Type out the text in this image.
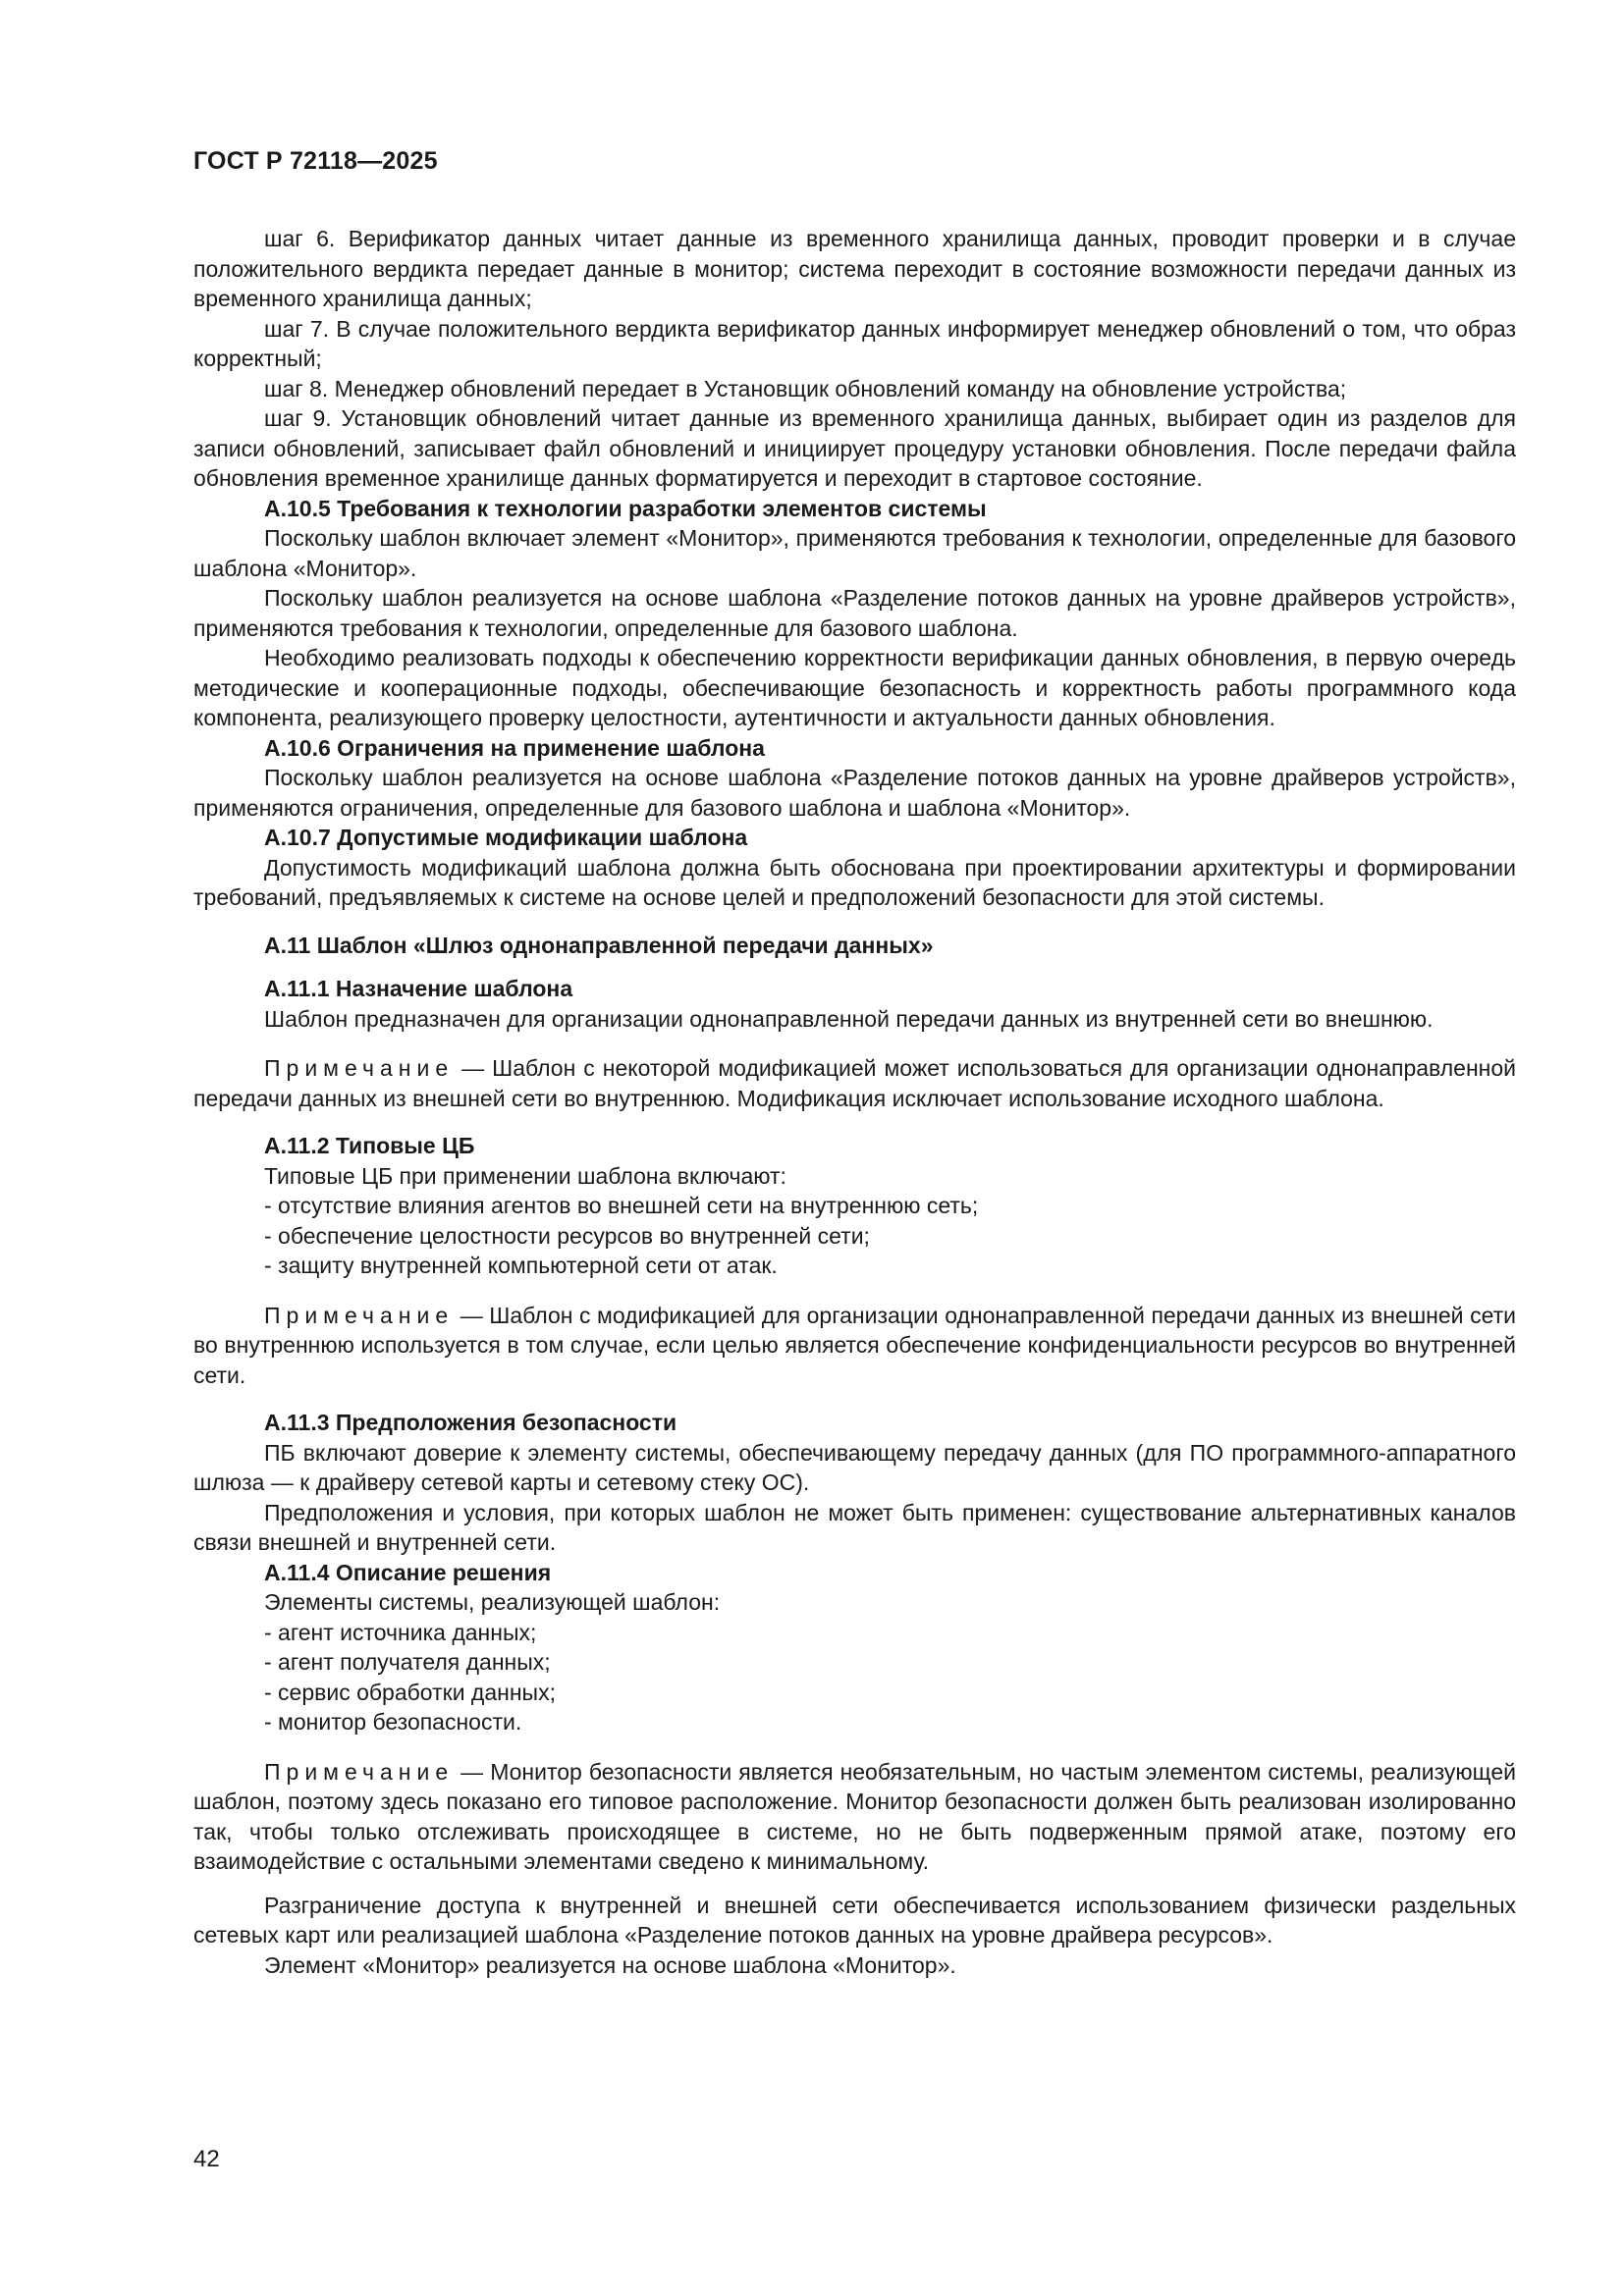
ГОСТ Р 72118—2025
шаг 6. Верификатор данных читает данные из временного хранилища данных, проводит проверки и в случае положительного вердикта передает данные в монитор; система переходит в состояние возможности передачи данных из временного хранилища данных;
шаг 7. В случае положительного вердикта верификатор данных информирует менеджер обновлений о том, что образ корректный;
шаг 8. Менеджер обновлений передает в Установщик обновлений команду на обновление устройства;
шаг 9. Установщик обновлений читает данные из временного хранилища данных, выбирает один из разделов для записи обновлений, записывает файл обновлений и инициирует процедуру установки обновления. После передачи файла обновления временное хранилище данных форматируется и переходит в стартовое состояние.
А.10.5 Требования к технологии разработки элементов системы
Поскольку шаблон включает элемент «Монитор», применяются требования к технологии, определенные для базового шаблона «Монитор».
Поскольку шаблон реализуется на основе шаблона «Разделение потоков данных на уровне драйверов устройств», применяются требования к технологии, определенные для базового шаблона.
Необходимо реализовать подходы к обеспечению корректности верификации данных обновления, в первую очередь методические и кооперационные подходы, обеспечивающие безопасность и корректность работы программного кода компонента, реализующего проверку целостности, аутентичности и актуальности данных обновления.
А.10.6 Ограничения на применение шаблона
Поскольку шаблон реализуется на основе шаблона «Разделение потоков данных на уровне драйверов устройств», применяются ограничения, определенные для базового шаблона и шаблона «Монитор».
А.10.7 Допустимые модификации шаблона
Допустимость модификаций шаблона должна быть обоснована при проектировании архитектуры и формировании требований, предъявляемых к системе на основе целей и предположений безопасности для этой системы.
А.11 Шаблон «Шлюз однонаправленной передачи данных»
А.11.1 Назначение шаблона
Шаблон предназначен для организации однонаправленной передачи данных из внутренней сети во внешнюю.
Примечание — Шаблон с некоторой модификацией может использоваться для организации однонаправленной передачи данных из внешней сети во внутреннюю. Модификация исключает использование исходного шаблона.
А.11.2 Типовые ЦБ
Типовые ЦБ при применении шаблона включают:
- отсутствие влияния агентов во внешней сети на внутреннюю сеть;
- обеспечение целостности ресурсов во внутренней сети;
- защиту внутренней компьютерной сети от атак.
Примечание — Шаблон с модификацией для организации однонаправленной передачи данных из внешней сети во внутреннюю используется в том случае, если целью является обеспечение конфиденциальности ресурсов во внутренней сети.
А.11.3 Предположения безопасности
ПБ включают доверие к элементу системы, обеспечивающему передачу данных (для ПО программного-аппаратного шлюза — к драйверу сетевой карты и сетевому стеку ОС).
Предположения и условия, при которых шаблон не может быть применен: существование альтернативных каналов связи внешней и внутренней сети.
А.11.4 Описание решения
Элементы системы, реализующей шаблон:
- агент источника данных;
- агент получателя данных;
- сервис обработки данных;
- монитор безопасности.
Примечание — Монитор безопасности является необязательным, но частым элементом системы, реализующей шаблон, поэтому здесь показано его типовое расположение. Монитор безопасности должен быть реализован изолированно так, чтобы только отслеживать происходящее в системе, но не быть подверженным прямой атаке, поэтому его взаимодействие с остальными элементами сведено к минимальному.
Разграничение доступа к внутренней и внешней сети обеспечивается использованием физически раздельных сетевых карт или реализацией шаблона «Разделение потоков данных на уровне драйвера ресурсов».
Элемент «Монитор» реализуется на основе шаблона «Монитор».
42
